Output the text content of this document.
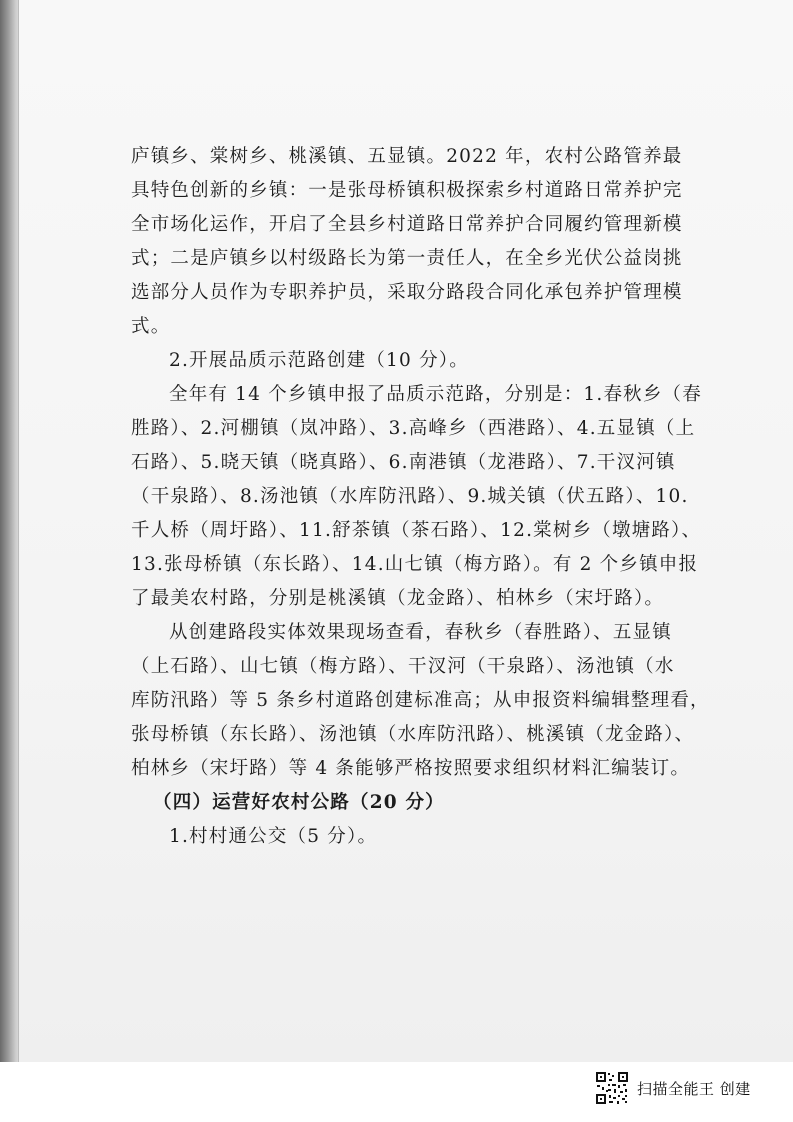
庐镇乡、棠树乡、桃溪镇、五显镇。2022 年，农村公路管养最
具特色创新的乡镇：一是张母桥镇积极探索乡村道路日常养护完
全市场化运作，开启了全县乡村道路日常养护合同履约管理新模
式；二是庐镇乡以村级路长为第一责任人，在全乡光伏公益岗挑
选部分人员作为专职养护员，采取分路段合同化承包养护管理模
式。
2.开展品质示范路创建（10 分）。
全年有 14 个乡镇申报了品质示范路，分别是：1.春秋乡（春
胜路）、2.河棚镇（岚冲路）、3.高峰乡（西港路）、4.五显镇（上
石路）、5.晓天镇（晓真路）、6.南港镇（龙港路）、7.干汊河镇
（干泉路）、8.汤池镇（水库防汛路）、9.城关镇（伏五路）、10.
千人桥（周圩路）、11.舒茶镇（茶石路）、12.棠树乡（墩塘路）、
13.张母桥镇（东长路）、14.山七镇（梅方路）。有 2 个乡镇申报
了最美农村路，分别是桃溪镇（龙金路）、柏林乡（宋圩路）。
从创建路段实体效果现场查看，春秋乡（春胜路）、五显镇
（上石路）、山七镇（梅方路）、干汊河（干泉路）、汤池镇（水
库防汛路）等 5 条乡村道路创建标准高；从申报资料编辑整理看，
张母桥镇（东长路）、汤池镇（水库防汛路）、桃溪镇（龙金路）、
柏林乡（宋圩路）等 4 条能够严格按照要求组织材料汇编装订。
（四）运营好农村公路（20 分）
1.村村通公交（5 分）。
扫描全能王 创建
